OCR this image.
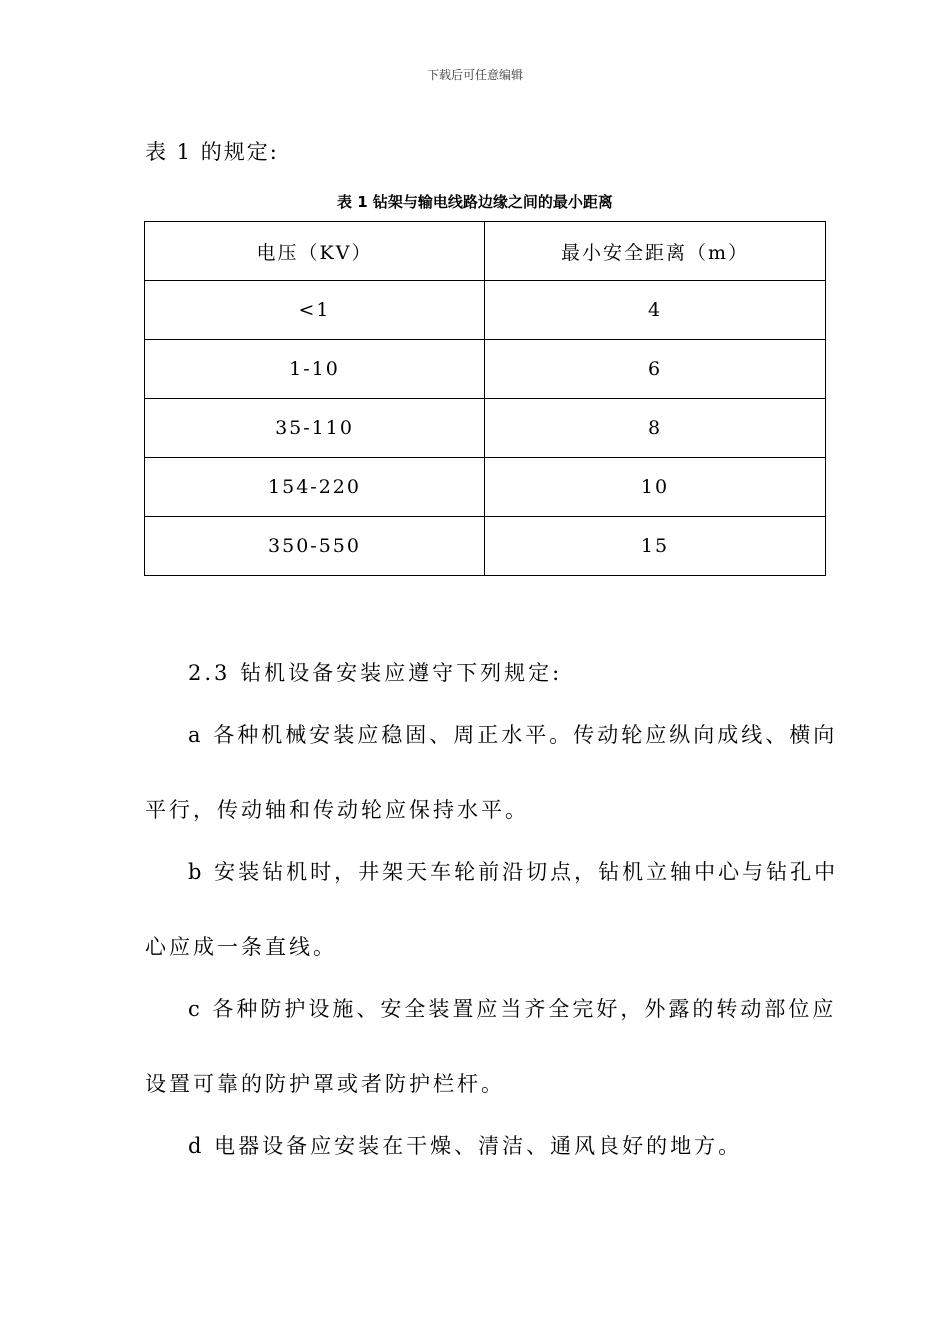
下载后可任意编辑
表 1 的规定:
表 1 钻架与输电线路边缘之间的最小距离
电压（KV）	最小安全距离（m）
<1	4
1-10	6
35-110	8
154-220	10
350-550	15
2.3 钻机设备安装应遵守下列规定:
a 各种机械安装应稳固、周正水平。传动轮应纵向成线、横向
平行，传动轴和传动轮应保持水平。
b 安装钻机时，井架天车轮前沿切点，钻机立轴中心与钻孔中
心应成一条直线。
c 各种防护设施、安全装置应当齐全完好，外露的转动部位应
设置可靠的防护罩或者防护栏杆。
d 电器设备应安装在干燥、清洁、通风良好的地方。
